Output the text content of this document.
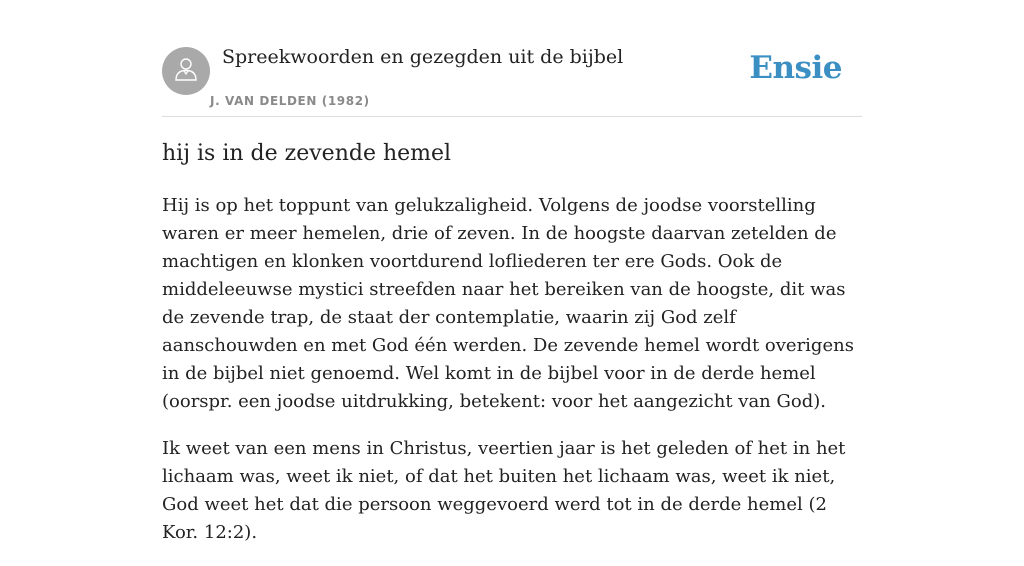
Spreekwoorden en gezegden uit de bijbel
J. VAN DELDEN (1982)
Ensie
hij is in de zevende hemel

Hij is op het toppunt van gelukzaligheid. Volgens de joodse voorstelling waren er meer hemelen, drie of zeven. In de hoogste daarvan zetelden de machtigen en klonken voortdurend lofliederen ter ere Gods. Ook de middeleeuwse mystici streefden naar het bereiken van de hoogste, dit was de zevende trap, de staat der contemplatie, waarin zij God zelf aanschouwden en met God één werden. De zevende hemel wordt overigens in de bijbel niet genoemd. Wel komt in de bijbel voor in de derde hemel (oorspr. een joodse uitdrukking, betekent: voor het aangezicht van God).

Ik weet van een mens in Christus, veertien jaar is het geleden of het in het lichaam was, weet ik niet, of dat het buiten het lichaam was, weet ik niet, God weet het dat die persoon weggevoerd werd tot in de derde hemel (2 Kor. 12:2).
